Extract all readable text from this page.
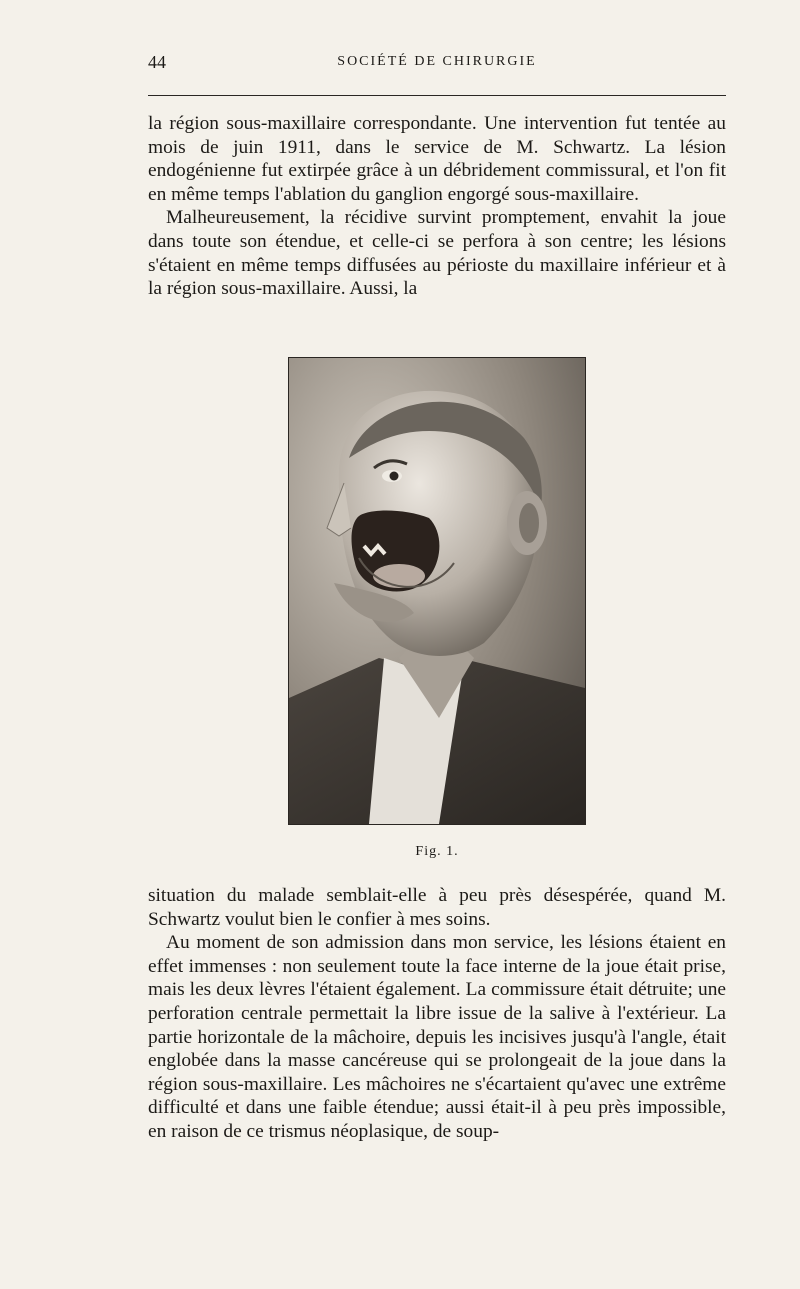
44	SOCIÉTÉ DE CHIRURGIE

la région sous-maxillaire correspondante. Une intervention fut tentée au mois de juin 1911, dans le service de M. Schwartz. La lésion endogénienne fut extirpée grâce à un débridement commissural, et l'on fit en même temps l'ablation du ganglion engorgé sous-maxillaire.

Malheureusement, la récidive survint promptement, envahit la joue dans toute son étendue, et celle-ci se perfora à son centre; les lésions s'étaient en même temps diffusées au périoste du maxillaire inférieur et à la région sous-maxillaire. Aussi, la

Fig. 1.

situation du malade semblait-elle à peu près désespérée, quand M. Schwartz voulut bien le confier à mes soins.

Au moment de son admission dans mon service, les lésions étaient en effet immenses : non seulement toute la face interne de la joue était prise, mais les deux lèvres l'étaient également. La commissure était détruite; une perforation centrale permettait la libre issue de la salive à l'extérieur. La partie horizontale de la mâchoire, depuis les incisives jusqu'à l'angle, était englobée dans la masse cancéreuse qui se prolongeait de la joue dans la région sous-maxillaire. Les mâchoires ne s'écartaient qu'avec une extrême difficulté et dans une faible étendue; aussi était-il à peu près impossible, en raison de ce trismus néoplasique, de soup-
